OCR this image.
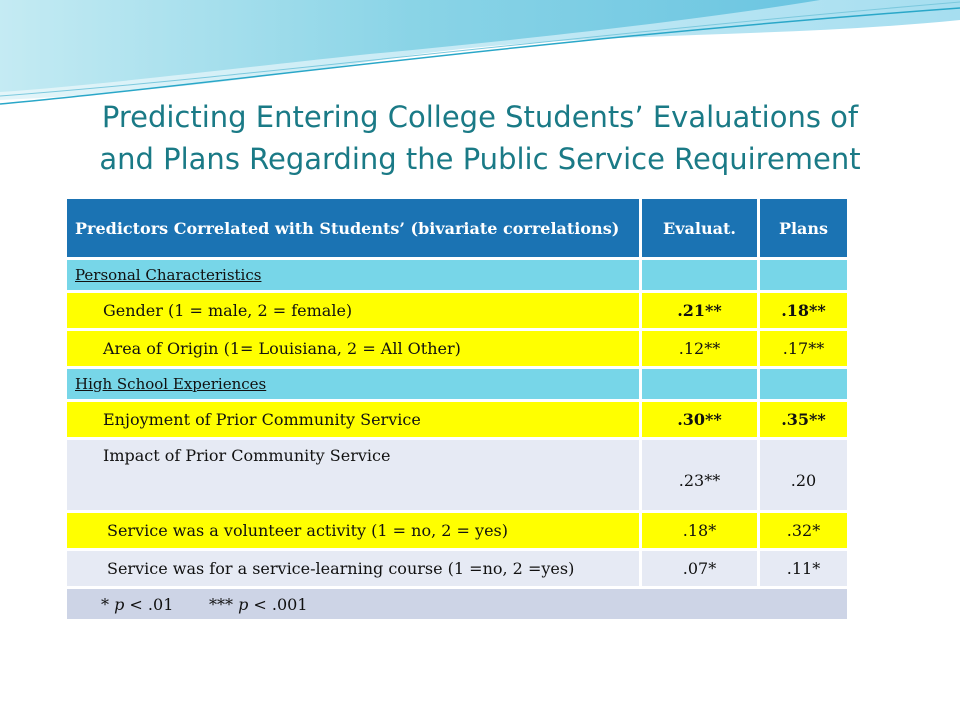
Predicting Entering College Students’ Evaluations of
and Plans Regarding the Public Service Requirement
Predictors Correlated with Students’ (bivariate correlations)	Evaluat.	Plans
Personal Characteristics		
Gender (1 = male, 2 = female)	.21**	.18**
Area of Origin (1= Louisiana, 2 = All Other)	.12**	.17**
High School Experiences		
Enjoyment of Prior Community Service	.30**	.35**
Impact of Prior Community Service	.23**	.20
Service was a volunteer activity (1 = no, 2 = yes)	.18*	.32*
Service was for a service-learning course (1 =no, 2 =yes)	.07*	.11*
* p < .01       *** p < .001		
